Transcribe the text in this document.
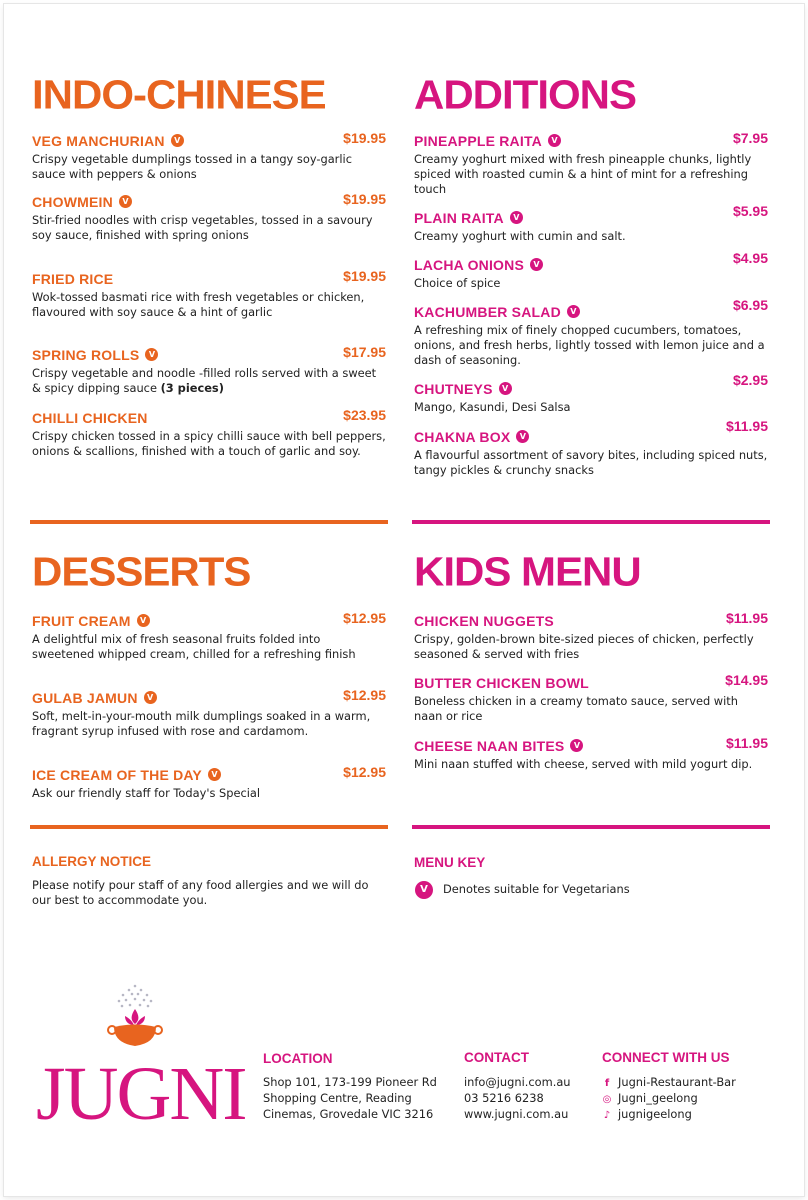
INDO-CHINESE
VEG MANCHURIAN V	$19.95
Crispy vegetable dumplings tossed in a tangy soy-garlic sauce with peppers & onions
CHOWMEIN V	$19.95
Stir-fried noodles with crisp vegetables, tossed in a savoury soy sauce, finished with spring onions
FRIED RICE	$19.95
Wok-tossed basmati rice with fresh vegetables or chicken, flavoured with soy sauce & a hint of garlic
SPRING ROLLS V	$17.95
Crispy vegetable and noodle -filled rolls served with a sweet & spicy dipping sauce (3 pieces)
CHILLI CHICKEN	$23.95
Crispy chicken tossed in a spicy chilli sauce with bell peppers, onions & scallions, finished with a touch of garlic and soy.
ADDITIONS
PINEAPPLE RAITA V	$7.95
Creamy yoghurt mixed with fresh pineapple chunks, lightly spiced with roasted cumin & a hint of mint for a refreshing touch
PLAIN RAITA V	$5.95
Creamy yoghurt with cumin and salt.
LACHA ONIONS V	$4.95
Choice of spice
KACHUMBER SALAD V	$6.95
A refreshing mix of finely chopped cucumbers, tomatoes, onions, and fresh herbs, lightly tossed with lemon juice and a dash of seasoning.
CHUTNEYS V
$2.95
Mango, Kasundi, Desi Salsa
CHAKNA BOX V
$11.95
A flavourful assortment of savory bites, including spiced nuts, tangy pickles & crunchy snacks
DESSERTS
FRUIT CREAM V	$12.95
A delightful mix of fresh seasonal fruits folded into sweetened whipped cream, chilled for a refreshing finish
GULAB JAMUN V	$12.95
Soft, melt-in-your-mouth milk dumplings soaked in a warm, fragrant syrup infused with rose and cardamom.
ICE CREAM OF THE DAY V	$12.95
Ask our friendly staff for Today's Special
KIDS MENU
CHICKEN NUGGETS	$11.95
Crispy, golden-brown bite-sized pieces of chicken, perfectly seasoned & served with fries
BUTTER CHICKEN BOWL	$14.95
Boneless chicken in a creamy tomato sauce, served with naan or rice
CHEESE NAAN BITES V	$11.95
Mini naan stuffed with cheese, served with mild yogurt dip.
ALLERGY NOTICE
Please notify pour staff of any food allergies and we will do our best to accommodate you.
MENU KEY
V	Denotes suitable for Vegetarians
JUGNI LOCATION
Shop 101, 173-199 Pioneer Rd
Shopping Centre, Reading
Cinemas, Grovedale VIC 3216
CONTACT
info@jugni.com.au
03 5216 6238
www.jugni.com.au
CONNECT WITH US
f Jugni-Restaurant-Bar
◎ Jugni_geelong
♪ jugnigeelong
